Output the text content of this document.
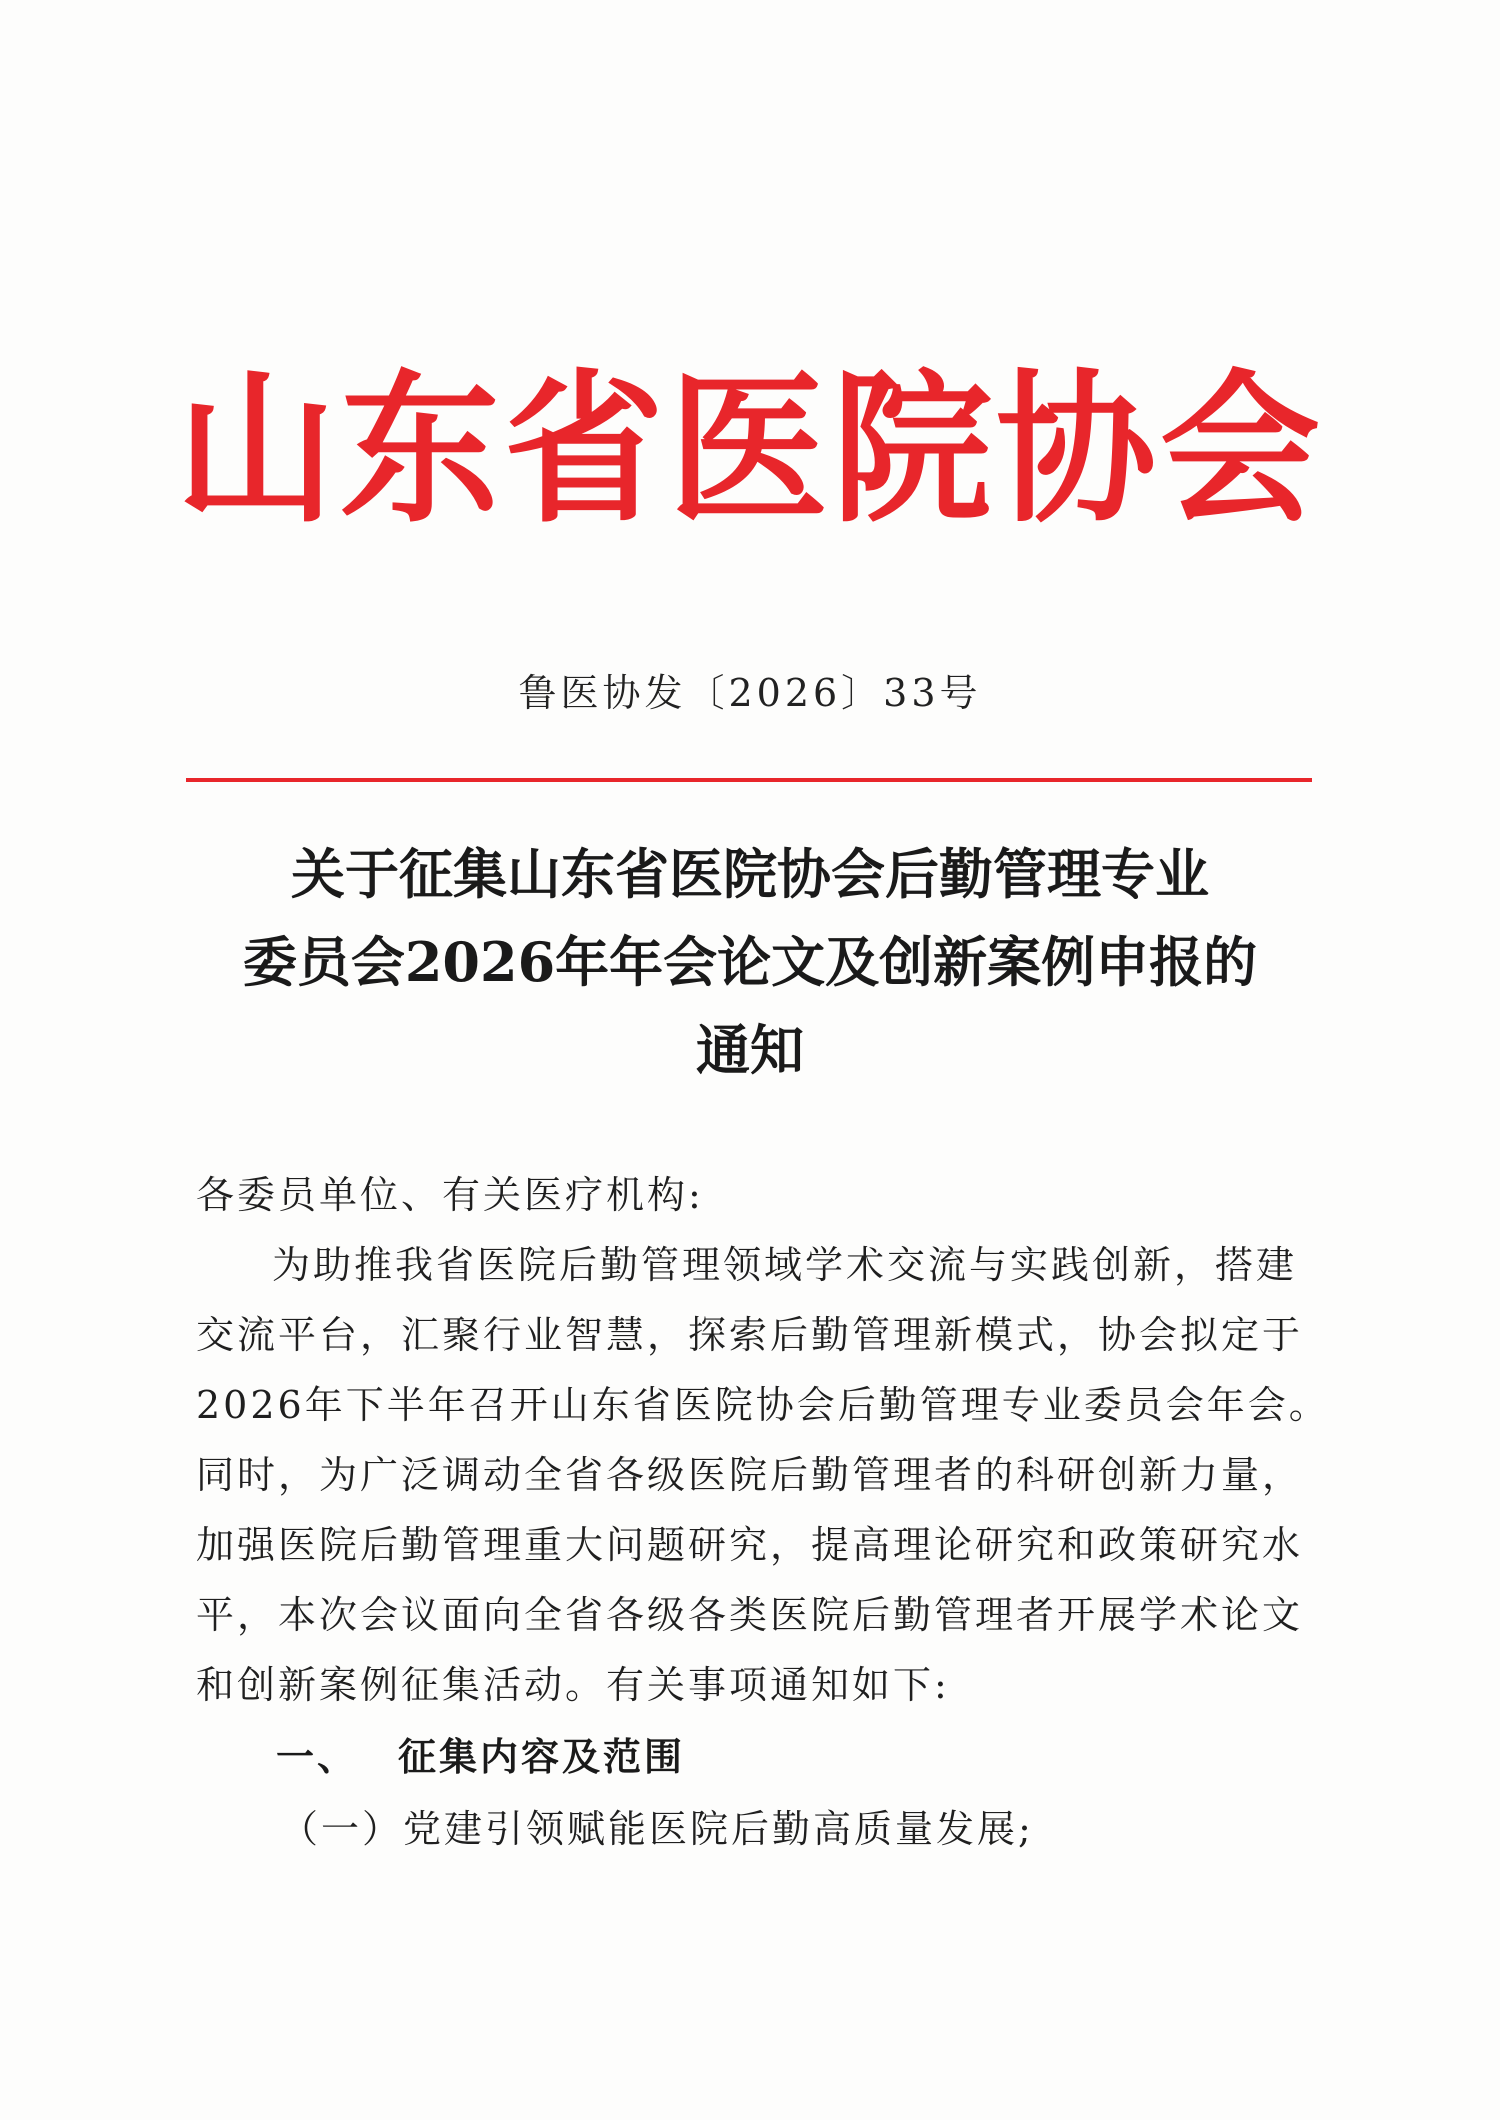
山东省医院协会
鲁医协发〔2026〕33号
关于征集山东省医院协会后勤管理专业
委员会2026年年会论文及创新案例申报的
通知
各委员单位、有关医疗机构:
为助推我省医院后勤管理领域学术交流与实践创新，搭建
交流平台，汇聚行业智慧，探索后勤管理新模式，协会拟定于
2026年下半年召开山东省医院协会后勤管理专业委员会年会。
同时，为广泛调动全省各级医院后勤管理者的科研创新力量，
加强医院后勤管理重大问题研究，提高理论研究和政策研究水
平，本次会议面向全省各级各类医院后勤管理者开展学术论文
和创新案例征集活动。有关事项通知如下:
一、 征集内容及范围
（一）党建引领赋能医院后勤高质量发展;
